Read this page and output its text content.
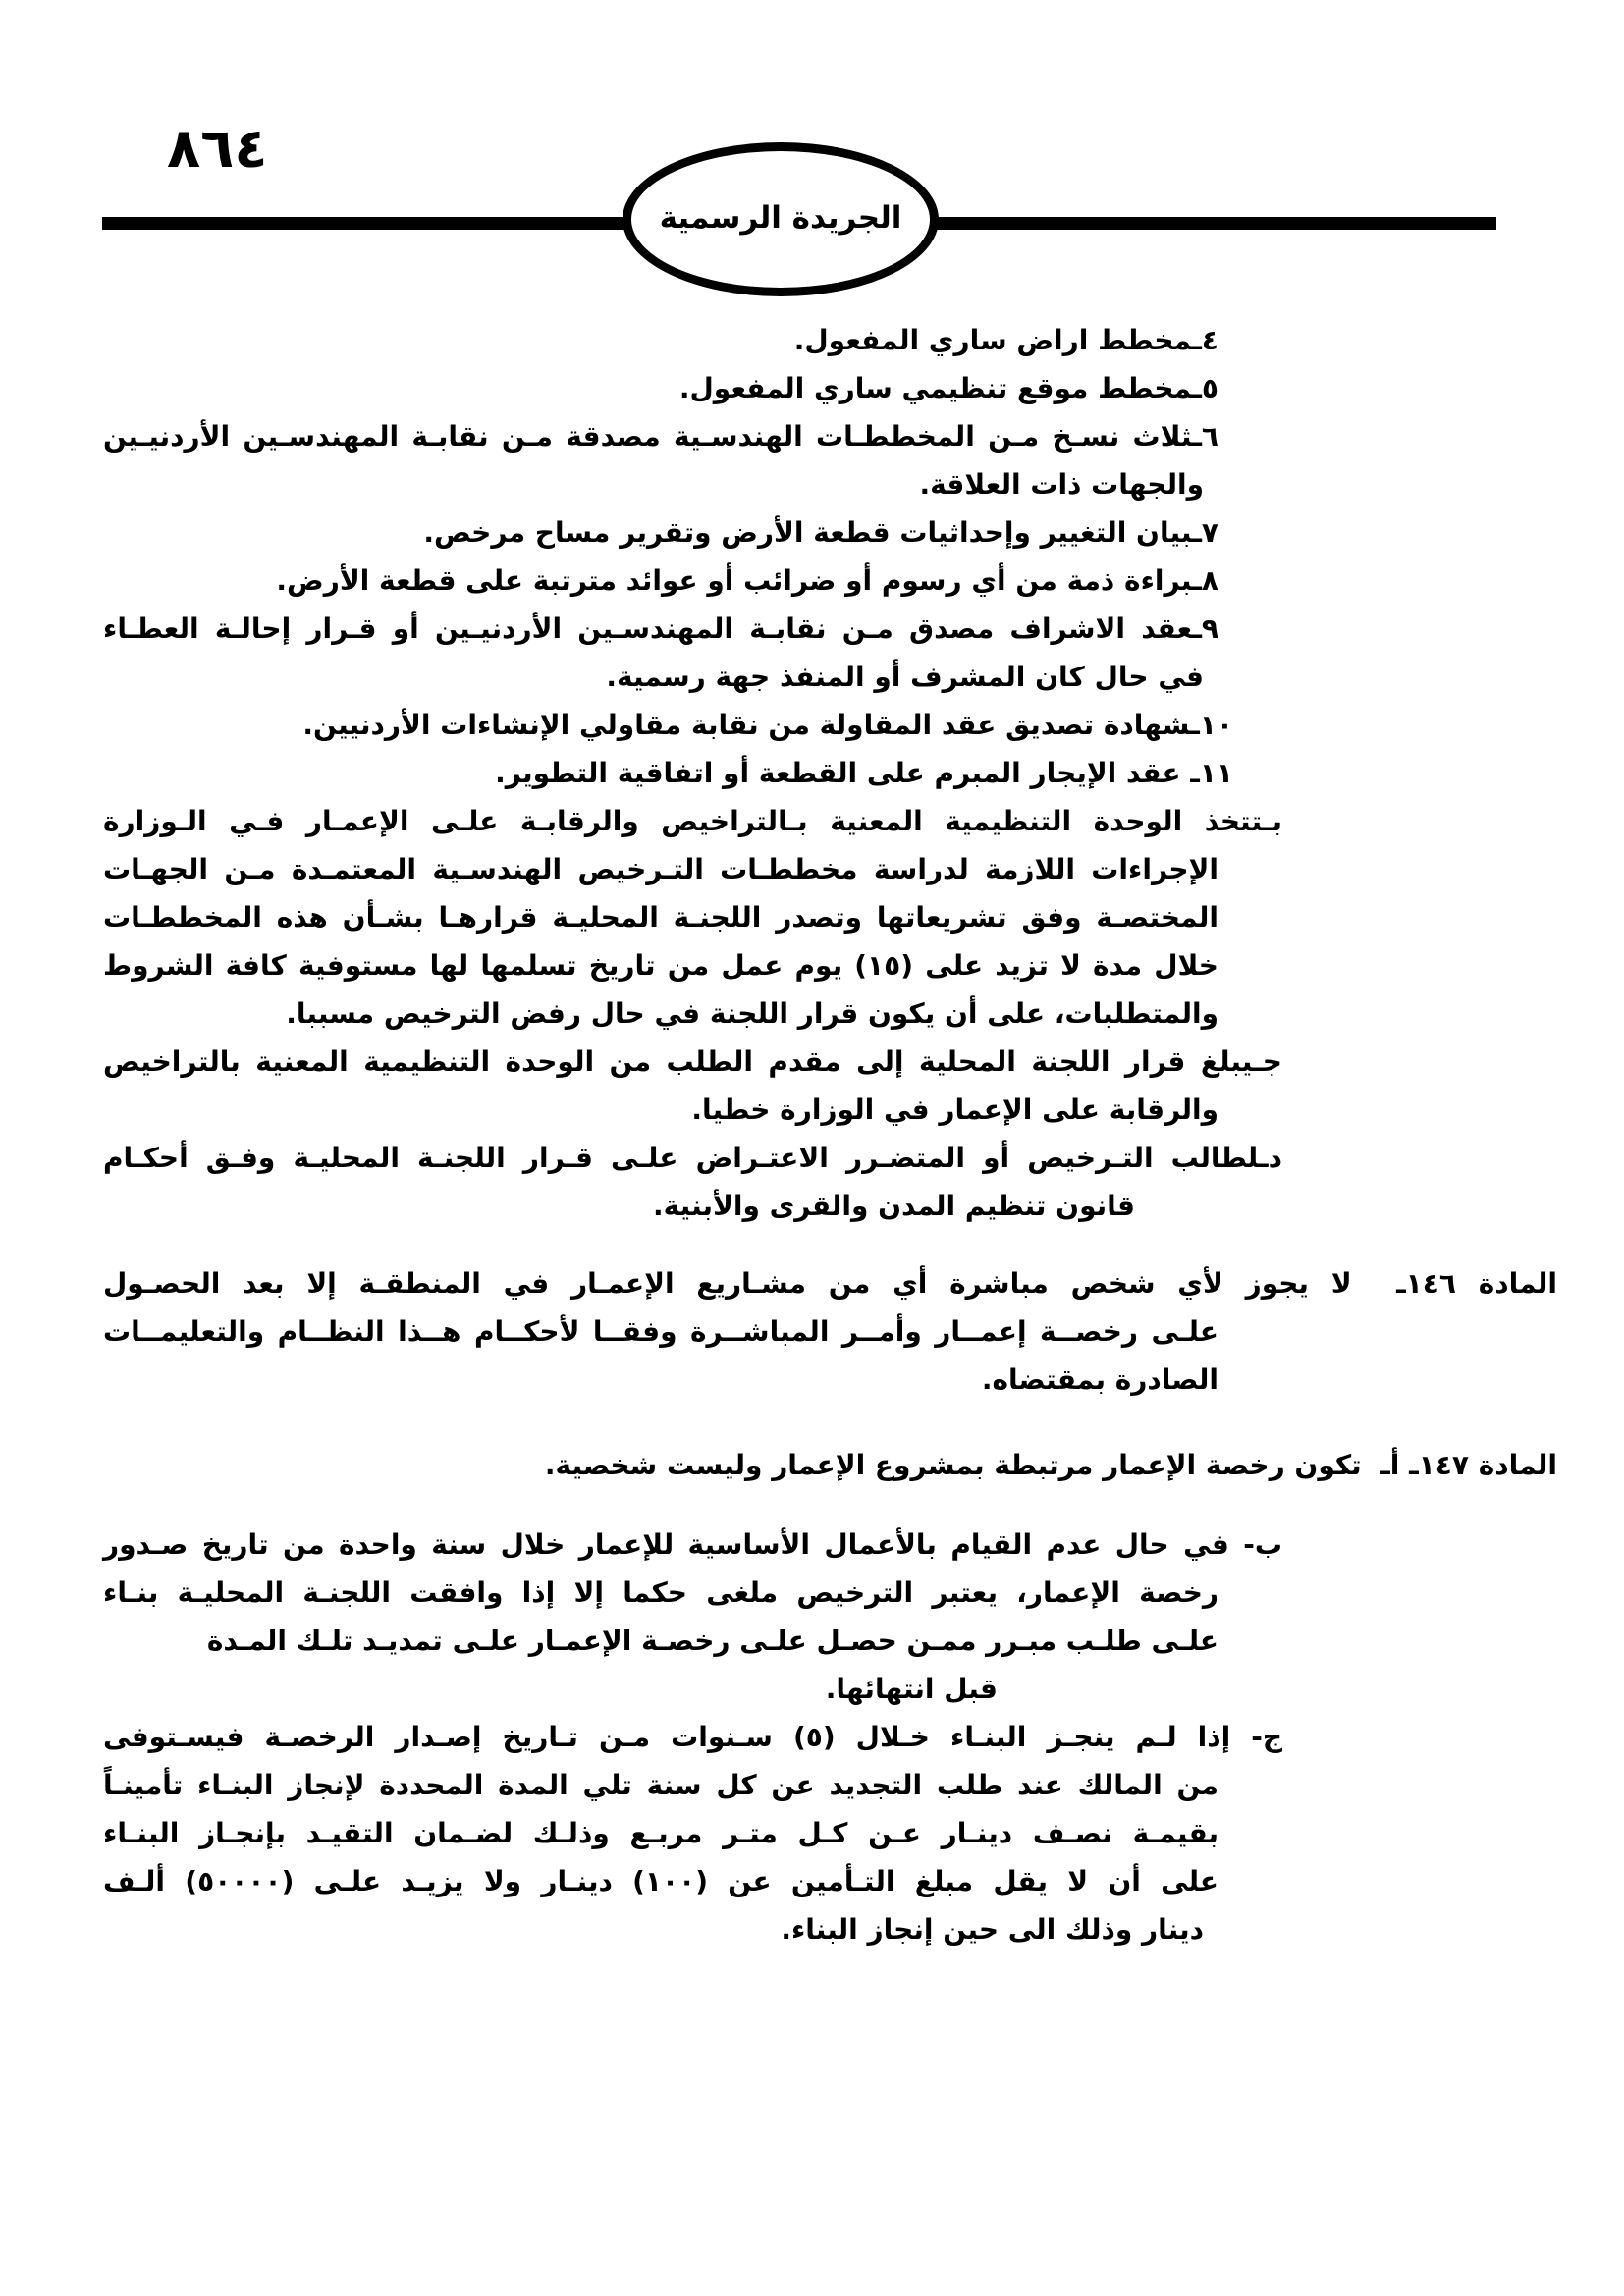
٨٦٤
الجريدة الرسمية
٤ـمخطط اراض ساري المفعول.
٥ـمخطط موقع تنظيمي ساري المفعول.
٦ـثلاث نسـخ مـن المخططـات الهندسـية مصدقة مـن نقابـة المهندسـين الأردنيـين
والجهات ذات العلاقة.
٧ـبيان التغيير وإحداثيات قطعة الأرض وتقرير مساح مرخص.
٨ـبراءة ذمة من أي رسوم أو ضرائب أو عوائد مترتبة على قطعة الأرض.
٩ـعقد الاشراف مصدق مـن نقابـة المهندسـين الأردنيـين أو قـرار إحالـة العطـاء
في حال كان المشرف أو المنفذ جهة رسمية.
١٠ـشهادة تصديق عقد المقاولة من نقابة مقاولي الإنشاءات الأردنيين.
١١ـ عقد الإيجار المبرم على القطعة أو اتفاقية التطوير.
بـتتخذ الوحدة التنظيمية المعنية بـالتراخيص والرقابـة علـى الإعمـار فـي الـوزارة
الإجراءات اللازمة لدراسة مخططـات التـرخيص الهندسـية المعتمـدة مـن الجهـات
المختصـة وفق تشريعاتها وتصدر اللجنـة المحليـة قرارهـا بشـأن هذه المخططـات
خلال مدة لا تزيد على (١٥) يوم عمل من تاريخ تسلمها لها مستوفية كافة الشروط
والمتطلبات، على أن يكون قرار اللجنة في حال رفض الترخيص مسببا.
جـيبلغ قرار اللجنة المحلية إلى مقدم الطلب من الوحدة التنظيمية المعنية بالتراخيص
والرقابة على الإعمار في الوزارة خطيا.
دـلطالب التـرخيص أو المتضـرر الاعتـراض علـى قـرار اللجنـة المحليـة وفـق أحكـام
قانون تنظيم المدن والقرى والأبنية.
المادة ١٤٦ـ  لا يجوز لأي شخص مباشرة أي من مشـاريع الإعمـار في المنطقـة إلا بعد الحصـول
علـى رخصــة إعمــار وأمــر المباشــرة وفقــا لأحكــام هــذا النظــام والتعليمــات
الصادرة بمقتضاه.
المادة ١٤٧ـ أـ  تكون رخصة الإعمار مرتبطة بمشروع الإعمار وليست شخصية.
ب- في حال عدم القيام بالأعمال الأساسية للإعمار خلال سنة واحدة من تاريخ صـدور
رخصة الإعمار، يعتبر الترخيص ملغى حكما إلا إذا وافقت اللجنـة المحليـة بنـاء
علـى طلـب مبـرر ممـن حصـل علـى رخصـة الإعمـار علـى تمديـد تلـك المـدة
قبل انتهائها.
ج- إذا لـم ينجـز البنـاء خـلال (٥) سـنوات مـن تـاريخ إصـدار الرخصـة فيسـتوفى
من المالك عند طلب التجديد عن كل سنة تلي المدة المحددة لإنجاز البنـاء تأمينـاً
بقيمـة نصـف دينـار عـن كـل متـر مربـع وذلـك لضـمان التقيـد بإنجـاز البنـاء
على أن لا يقل مبلغ التـأمين عن (١٠٠) دينـار ولا يزيـد علـى (٥٠٠٠٠) ألـف
دينار وذلك الى حين إنجاز البناء.
